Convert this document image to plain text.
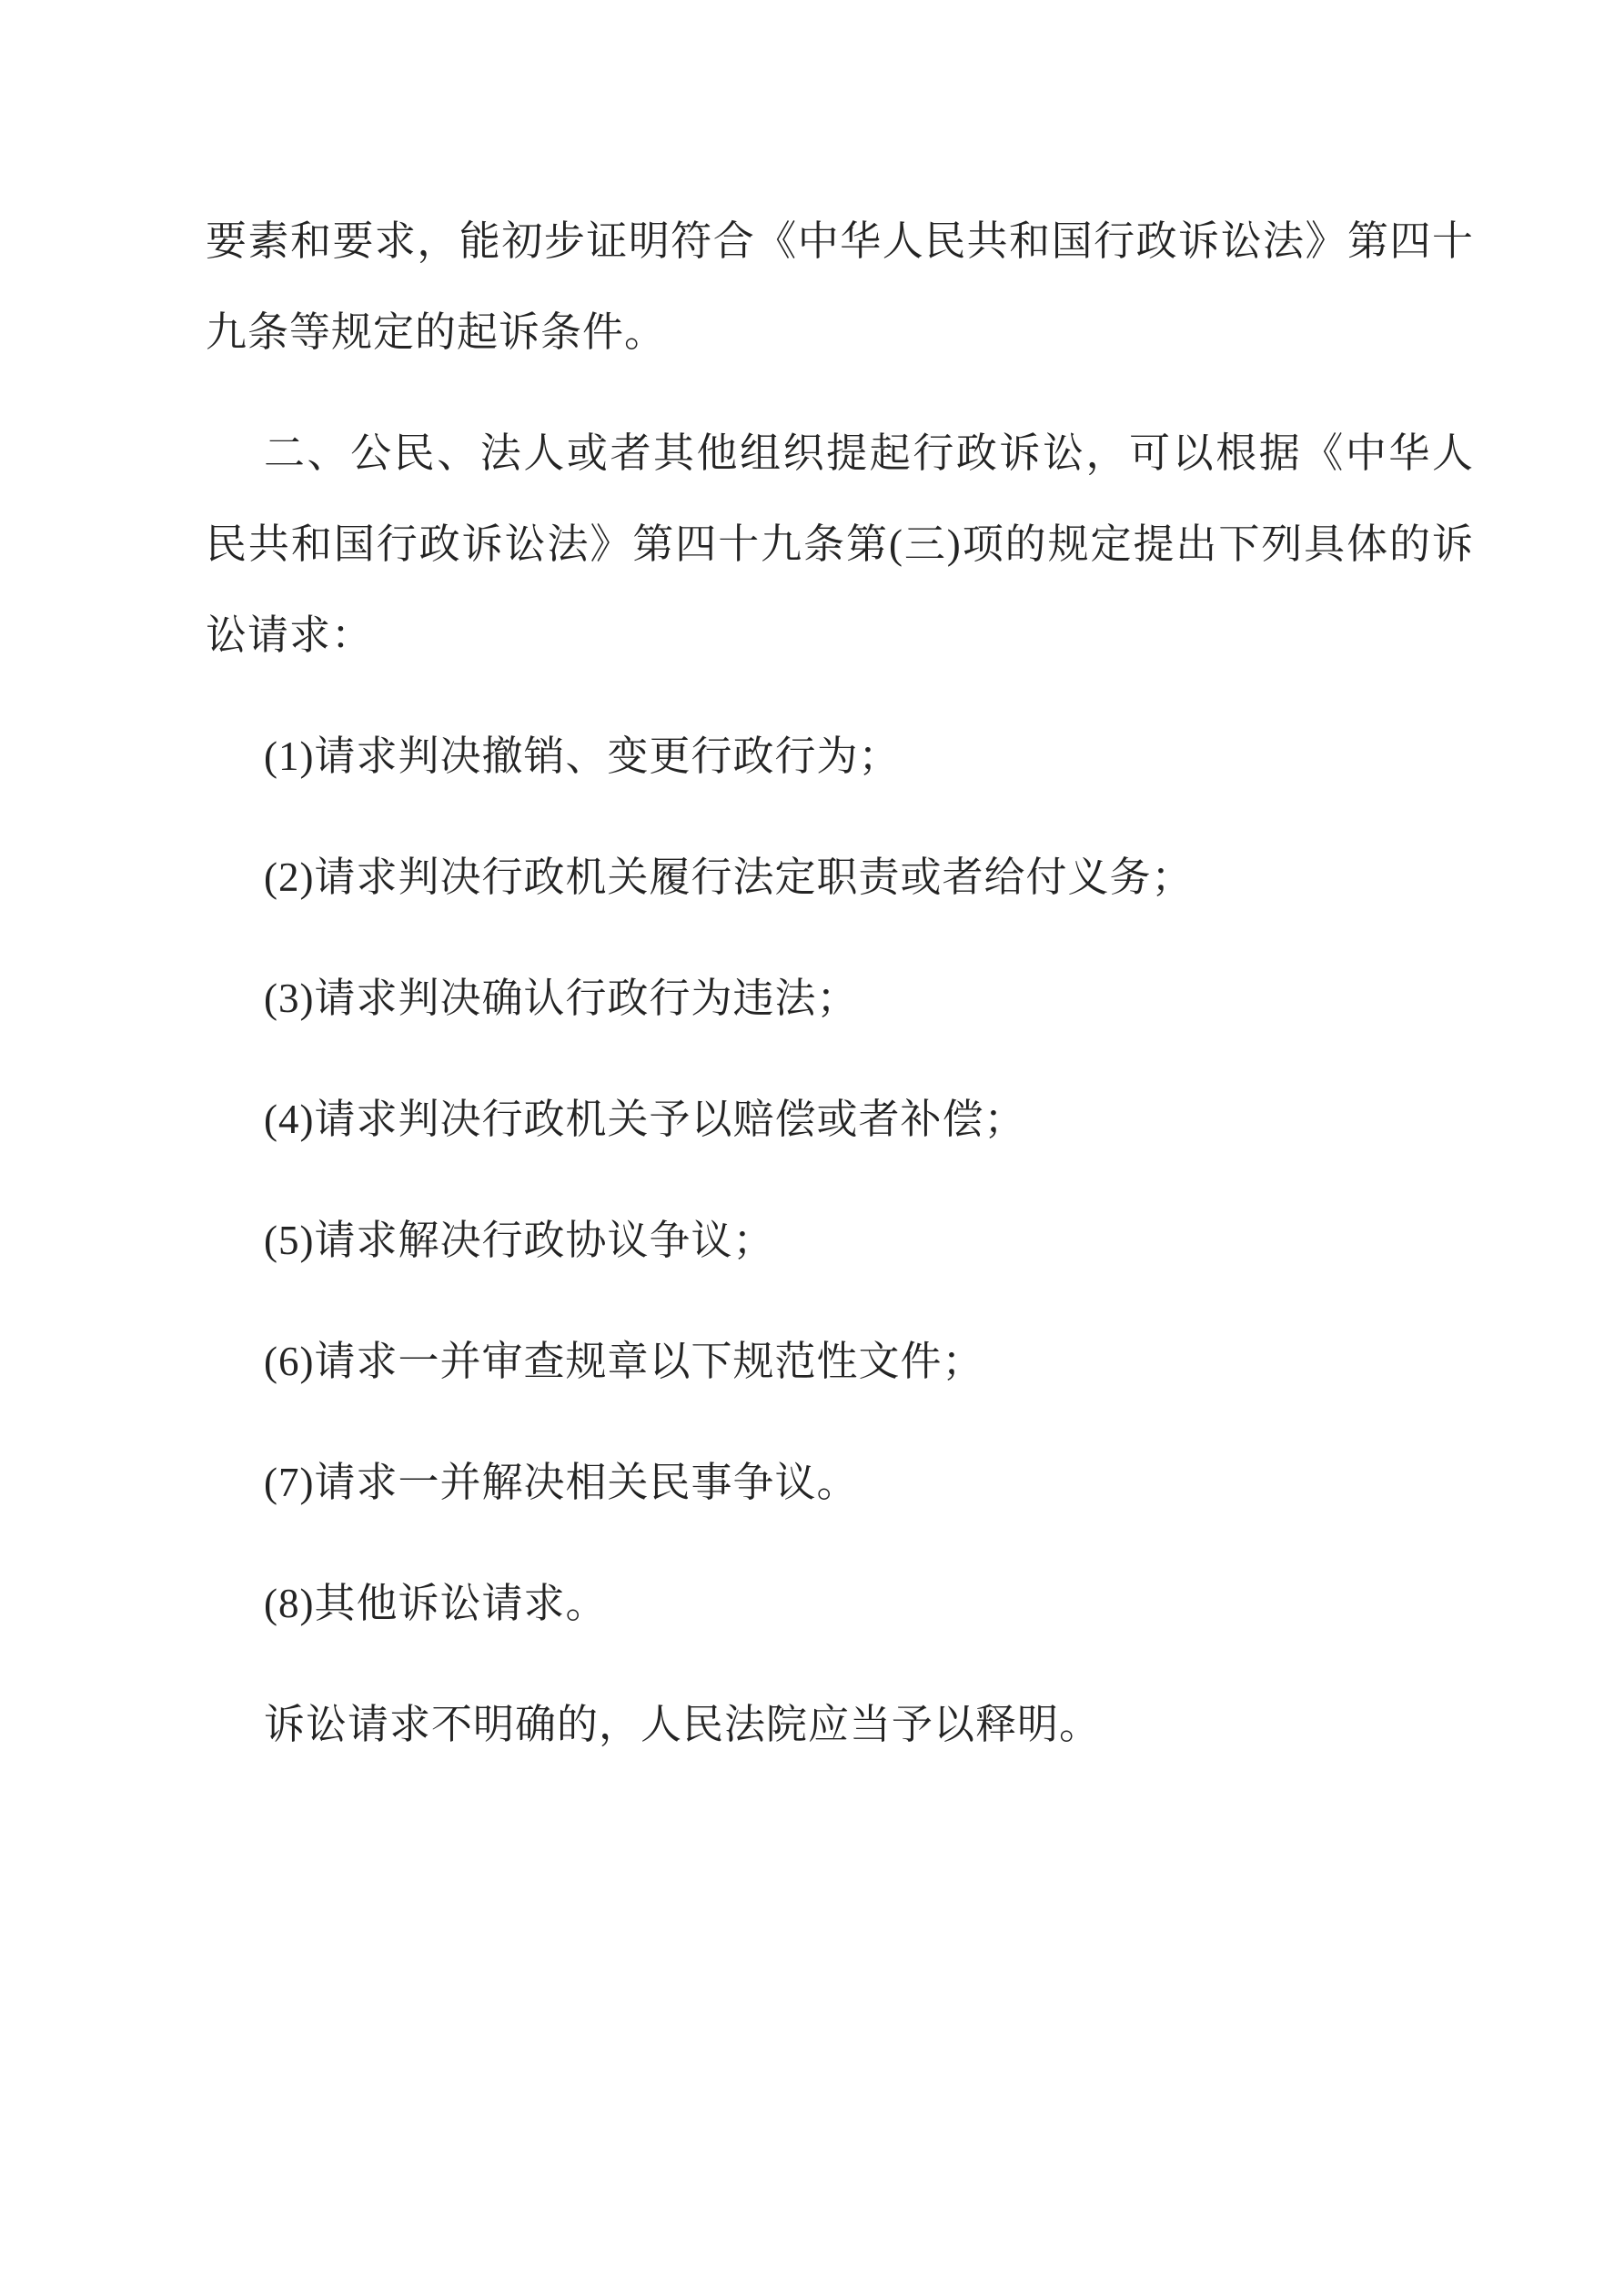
要素和要求，能初步证明符合《中华人民共和国行政诉讼法》第四十九条等规定的起诉条件。

二、公民、法人或者其他组织提起行政诉讼，可以根据《中华人民共和国行政诉讼法》第四十九条第(三)项的规定提出下列具体的诉讼请求：

(1)请求判决撤销、变更行政行为；

(2)请求判决行政机关履行法定职责或者给付义务；

(3)请求判决确认行政行为违法；

(4)请求判决行政机关予以赔偿或者补偿；

(5)请求解决行政协议争议；

(6)请求一并审查规章以下规范性文件；

(7)请求一并解决相关民事争议。

(8)其他诉讼请求。

诉讼请求不明确的，人民法院应当予以释明。
